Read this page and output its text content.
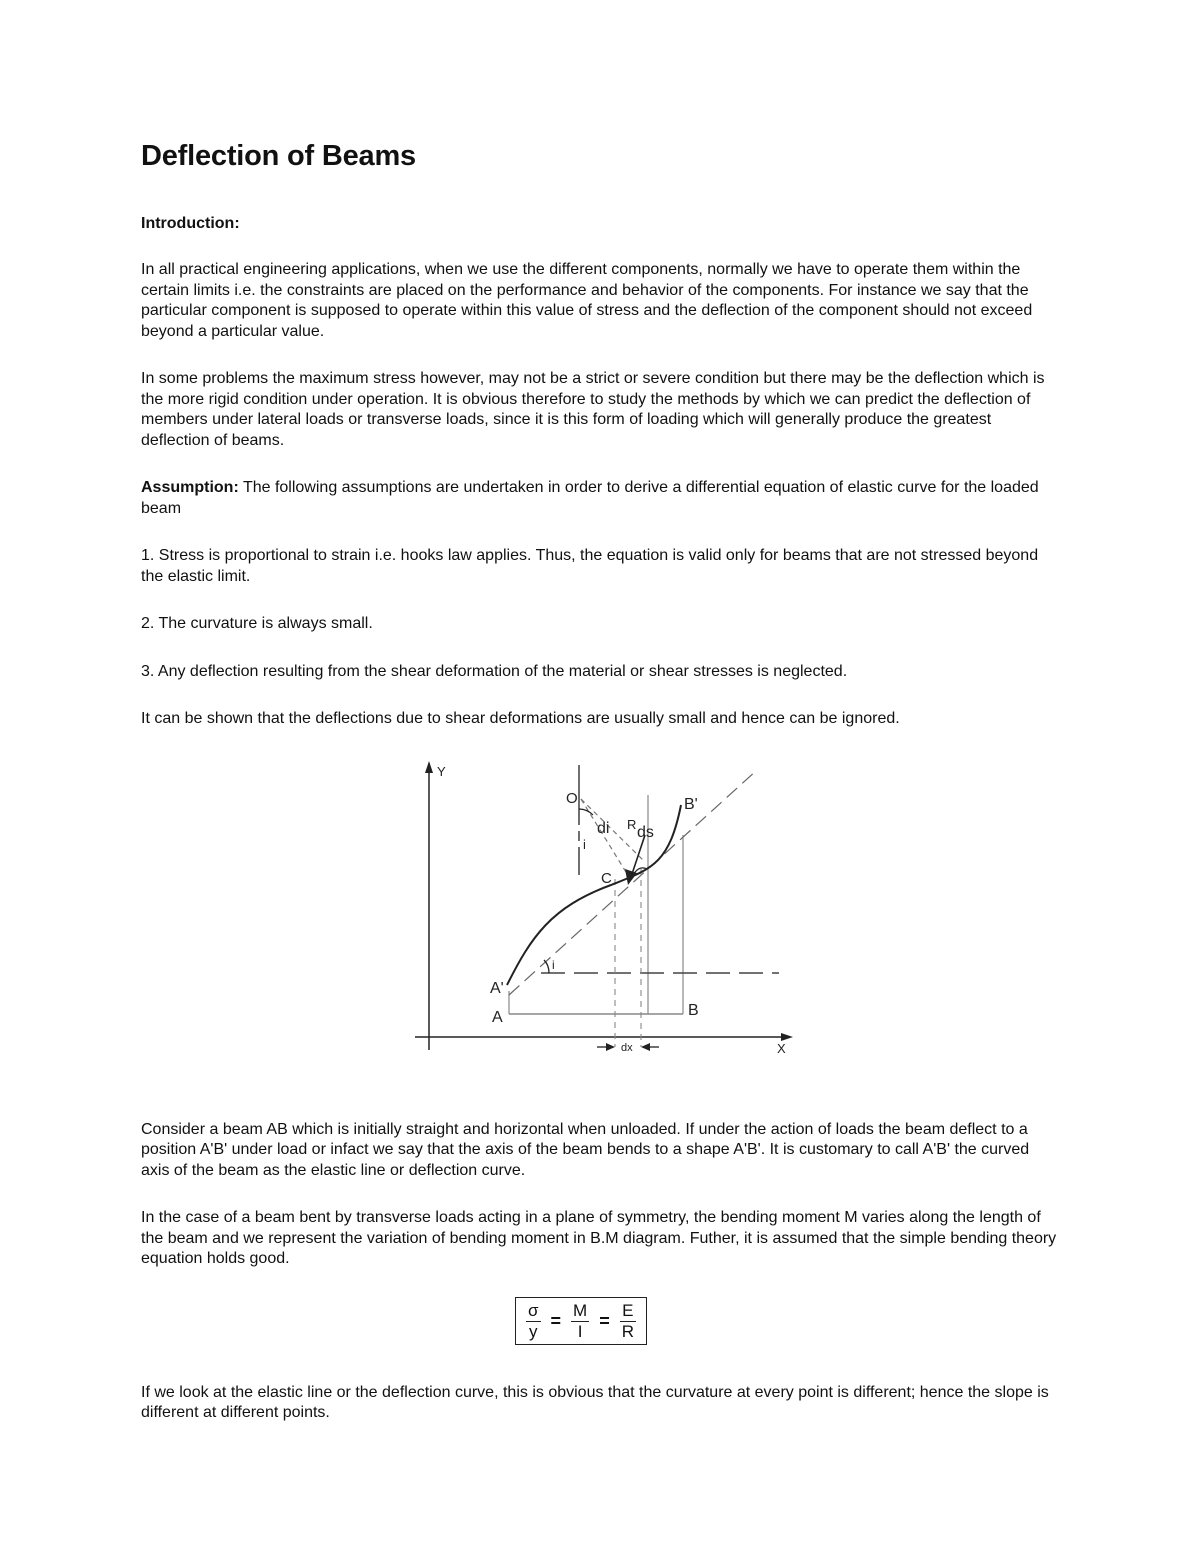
Deflection of Beams
Introduction:

In all practical engineering applications, when we use the different components, normally we have to operate them within the certain limits i.e. the constraints are placed on the performance and behavior of the components. For instance we say that the particular component is supposed to operate within this value of stress and the deflection of the component should not exceed beyond a particular value.

In some problems the maximum stress however, may not be a strict or severe condition but there may be the deflection which is the more rigid condition under operation. It is obvious therefore to study the methods by which we can predict the deflection of members under lateral loads or transverse loads, since it is this form of loading which will generally produce the greatest deflection of beams.

Assumption: The following assumptions are undertaken in order to derive a differential equation of elastic curve for the loaded beam

1. Stress is proportional to strain i.e. hooks law applies. Thus, the equation is valid only for beams that are not stressed beyond the elastic limit.

2. The curvature is always small.

3. Any deflection resulting from the shear deformation of the material or shear stresses is neglected.

It can be shown that the deflections due to shear deformations are usually small and hence can be ignored.

Y
X
O	B'
di R ds
i
C
i
A'
A	B
dx

Consider a beam AB which is initially straight and horizontal when unloaded. If under the action of loads the beam deflect to a position A'B' under load or infact we say that the axis of the beam bends to a shape A'B'. It is customary to call A'B' the curved axis of the beam as the elastic line or deflection curve.

In the case of a beam bent by transverse loads acting in a plane of symmetry, the bending moment M varies along the length of the beam and we represent the variation of bending moment in B.M diagram. Futher, it is assumed that the simple bending theory equation holds good.

$\frac{\sigma}{y} = \frac{M}{I} = \frac{E}{R}$

If we look at the elastic line or the deflection curve, this is obvious that the curvature at every point is different; hence the slope is different at different points.
